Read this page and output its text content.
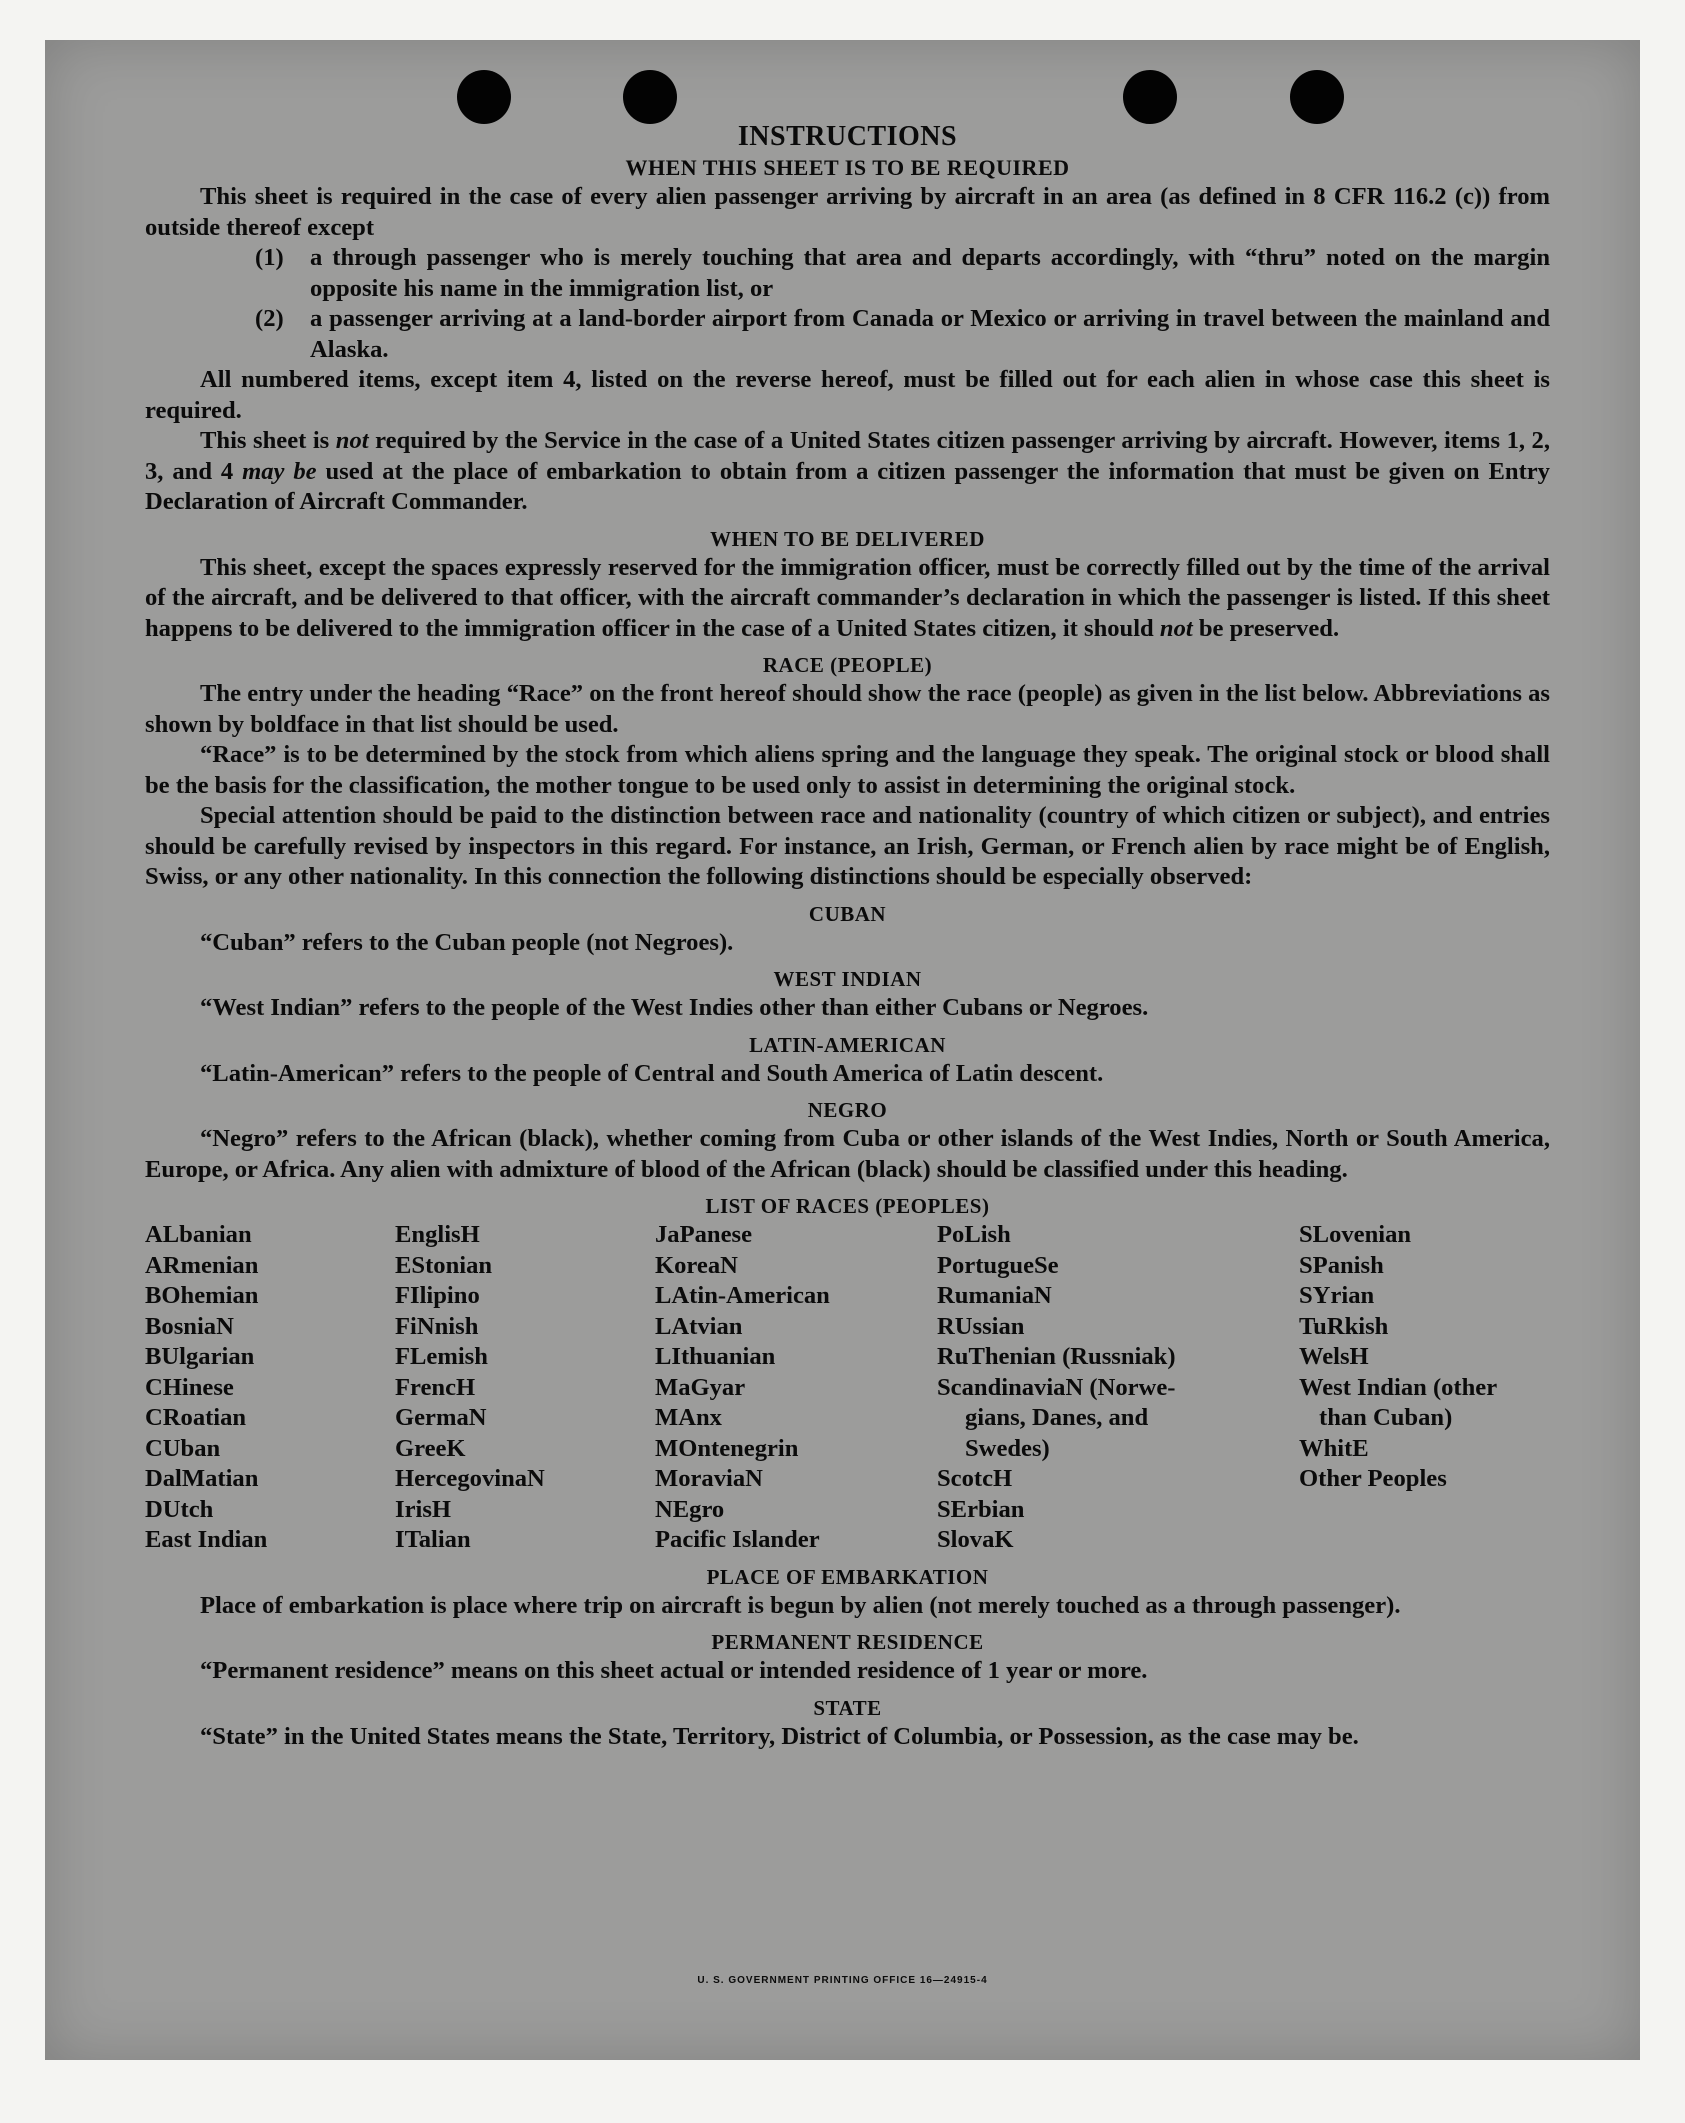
INSTRUCTIONS
WHEN THIS SHEET IS TO BE REQUIRED

This sheet is required in the case of every alien passenger arriving by aircraft in an area (as defined in 8 CFR 116.2 (c)) from outside thereof except

(1)	a through passenger who is merely touching that area and departs accordingly, with “thru” noted on the margin opposite his name in the immigration list, or
(2)	a passenger arriving at a land-border airport from Canada or Mexico or arriving in travel between the mainland and Alaska.

All numbered items, except item 4, listed on the reverse hereof, must be filled out for each alien in whose case this sheet is required.

This sheet is not required by the Service in the case of a United States citizen passenger arriving by aircraft. However, items 1, 2, 3, and 4 may be used at the place of embarkation to obtain from a citizen passenger the information that must be given on Entry Declaration of Aircraft Commander.

WHEN TO BE DELIVERED

This sheet, except the spaces expressly reserved for the immigration officer, must be correctly filled out by the time of the arrival of the aircraft, and be delivered to that officer, with the aircraft commander’s declaration in which the passenger is listed. If this sheet happens to be delivered to the immigration officer in the case of a United States citizen, it should not be preserved.

RACE (PEOPLE)

The entry under the heading “Race” on the front hereof should show the race (people) as given in the list below. Abbreviations as shown by boldface in that list should be used.

“Race” is to be determined by the stock from which aliens spring and the language they speak. The original stock or blood shall be the basis for the classification, the mother tongue to be used only to assist in determining the original stock.

Special attention should be paid to the distinction between race and nationality (country of which citizen or subject), and entries should be carefully revised by inspectors in this regard. For instance, an Irish, German, or French alien by race might be of English, Swiss, or any other nationality. In this connection the following distinctions should be especially observed:

CUBAN

“Cuban” refers to the Cuban people (not Negroes).

WEST INDIAN

“West Indian” refers to the people of the West Indies other than either Cubans or Negroes.

LATIN-AMERICAN

“Latin-American” refers to the people of Central and South America of Latin descent.

NEGRO

“Negro” refers to the African (black), whether coming from Cuba or other islands of the West Indies, North or South America, Europe, or Africa. Any alien with admixture of blood of the African (black) should be classified under this heading.

LIST OF RACES (PEOPLES)
ALbanian
ARmenian
BOhemian
BosniaN
BUlgarian
CHinese
CRoatian
CUban
DalMatian
DUtch
East Indian
EnglisH
EStonian
FIlipino
FiNnish
FLemish
FrencH
GermaN
GreeK
HercegovinaN
IrisH
ITalian
JaPanese
KoreaN
LAtin-American
LAtvian
LIthuanian
MaGyar
MAnx
MOntenegrin
MoraviaN
NEgro
Pacific Islander
PoLish
PortugueSe
RumaniaN
RUssian
RuThenian (Russniak)
ScandinaviaN (Norwe-
gians, Danes, and
Swedes)
ScotcH
SErbian
SlovaK
SLovenian
SPanish
SYrian
TuRkish
WelsH
West Indian (other
than Cuban)
WhitE
Other Peoples
PLACE OF EMBARKATION

Place of embarkation is place where trip on aircraft is begun by alien (not merely touched as a through passenger).

PERMANENT RESIDENCE

“Permanent residence” means on this sheet actual or intended residence of 1 year or more.

STATE

“State” in the United States means the State, Territory, District of Columbia, or Possession, as the case may be.

U. S. GOVERNMENT PRINTING OFFICE 16—24915-4
